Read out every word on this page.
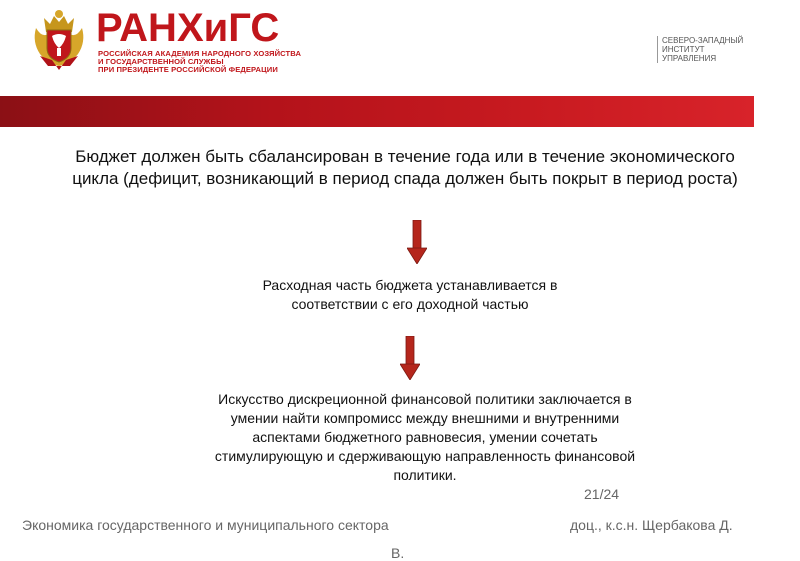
РАНХиГС
РОССИЙСКАЯ АКАДЕМИЯ НАРОДНОГО ХОЗЯЙСТВА
И ГОСУДАРСТВЕННОЙ СЛУЖБЫ
ПРИ ПРЕЗИДЕНТЕ РОССИЙСКОЙ ФЕДЕРАЦИИ
СЕВЕРО-ЗАПАДНЫЙ
ИНСТИТУТ
УПРАВЛЕНИЯ
Бюджет должен быть сбалансирован в течение года или в течение экономического цикла (дефицит, возникающий в период спада должен быть покрыт в период роста)
Расходная часть бюджета устанавливается в соответствии с его доходной частью
Искусство дискреционной финансовой политики заключается в умении найти компромисс между внешними и внутренними аспектами бюджетного равновесия, умении сочетать стимулирующую и сдерживающую направленность финансовой политики.
21/24
Экономика государственного и муниципального сектора	доц., к.с.н. Щербакова Д.
В.
